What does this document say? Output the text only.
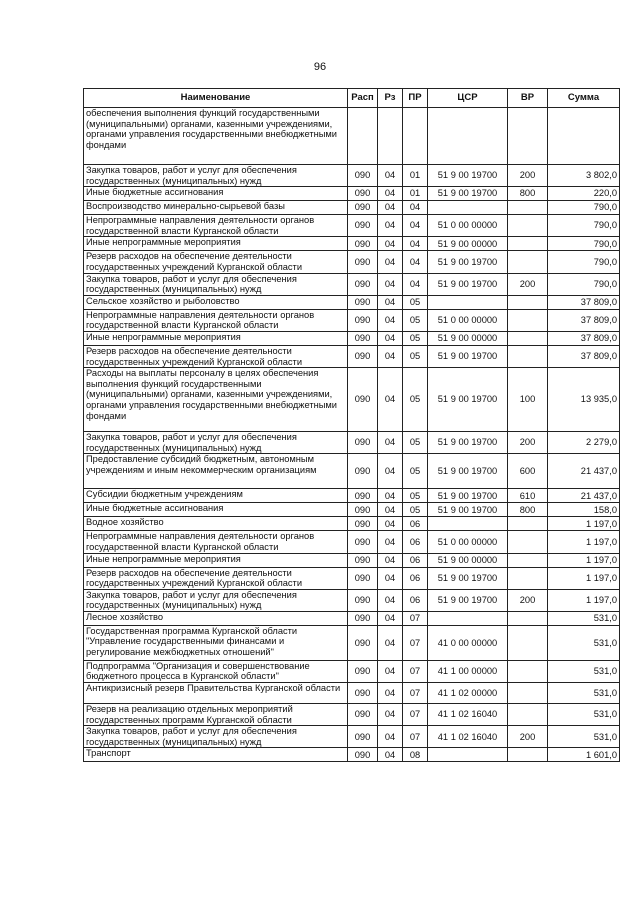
96
Наименование	Расп	Рз	ПР	ЦСР	ВР	Сумма
обеспечения выполнения функций государственными (муниципальными) органами, казенными учреждениями, органами управления государственными внебюджетными фондами						
Закупка товаров, работ и услуг для обеспечения государственных (муниципальных) нужд	090	04	01	51 9 00 19700	200	3 802,0
Иные бюджетные ассигнования	090	04	01	51 9 00 19700	800	220,0
Воспроизводство минерально-сырьевой базы	090	04	04			790,0
Непрограммные направления деятельности органов государственной власти Курганской области	090	04	04	51 0 00 00000		790,0
Иные непрограммные мероприятия	090	04	04	51 9 00 00000		790,0
Резерв расходов на обеспечение деятельности государственных учреждений Курганской области	090	04	04	51 9 00 19700		790,0
Закупка товаров, работ и услуг для обеспечения государственных (муниципальных) нужд	090	04	04	51 9 00 19700	200	790,0
Сельское хозяйство и рыболовство	090	04	05			37 809,0
Непрограммные направления деятельности органов государственной власти Курганской области	090	04	05	51 0 00 00000		37 809,0
Иные непрограммные мероприятия	090	04	05	51 9 00 00000		37 809,0
Резерв расходов на обеспечение деятельности государственных учреждений Курганской области	090	04	05	51 9 00 19700		37 809,0
Расходы на выплаты персоналу в целях обеспечения выполнения функций государственными (муниципальными) органами, казенными учреждениями, органами управления государственными внебюджетными фондами	090	04	05	51 9 00 19700	100	13 935,0
Закупка товаров, работ и услуг для обеспечения государственных (муниципальных) нужд	090	04	05	51 9 00 19700	200	2 279,0
Предоставление субсидий бюджетным, автономным учреждениям и иным некоммерческим организациям	090	04	05	51 9 00 19700	600	21 437,0
Субсидии бюджетным учреждениям	090	04	05	51 9 00 19700	610	21 437,0
Иные бюджетные ассигнования	090	04	05	51 9 00 19700	800	158,0
Водное хозяйство	090	04	06			1 197,0
Непрограммные направления деятельности органов государственной власти Курганской области	090	04	06	51 0 00 00000		1 197,0
Иные непрограммные мероприятия	090	04	06	51 9 00 00000		1 197,0
Резерв расходов на обеспечение деятельности государственных учреждений Курганской области	090	04	06	51 9 00 19700		1 197,0
Закупка товаров, работ и услуг для обеспечения государственных (муниципальных) нужд	090	04	06	51 9 00 19700	200	1 197,0
Лесное хозяйство	090	04	07			531,0
Государственная программа Курганской области "Управление государственными финансами и регулирование межбюджетных отношений"	090	04	07	41 0 00 00000		531,0
Подпрограмма "Организация и совершенствование бюджетного процесса в Курганской области"	090	04	07	41 1 00 00000		531,0
Антикризисный резерв Правительства Курганской области	090	04	07	41 1 02 00000		531,0
Резерв на реализацию отдельных мероприятий государственных программ Курганской области	090	04	07	41 1 02 16040		531,0
Закупка товаров, работ и услуг для обеспечения государственных (муниципальных) нужд	090	04	07	41 1 02 16040	200	531,0
Транспорт	090	04	08			1 601,0
